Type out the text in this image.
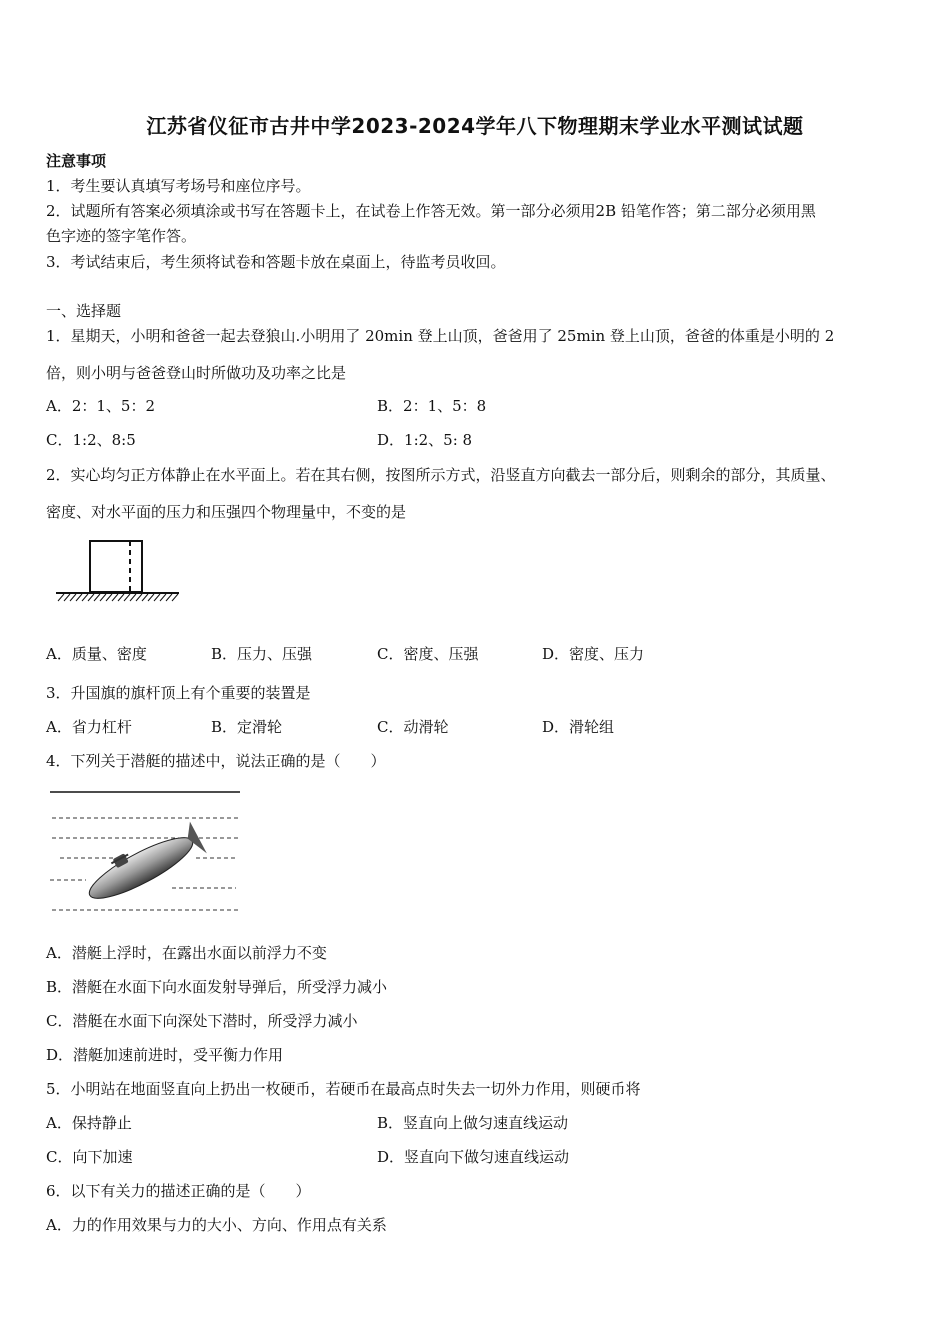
江苏省仪征市古井中学2023-2024学年八下物理期末学业水平测试试题
注意事项
1．考生要认真填写考场号和座位序号。
2．试题所有答案必须填涂或书写在答题卡上，在试卷上作答无效。第一部分必须用2B 铅笔作答；第二部分必须用黑
色字迹的签字笔作答。
3．考试结束后，考生须将试卷和答题卡放在桌面上，待监考员收回。
一、选择题
1．星期天，小明和爸爸一起去登狼山.小明用了 20min 登上山顶，爸爸用了 25min 登上山顶，爸爸的体重是小明的 2
倍，则小明与爸爸登山时所做功及功率之比是
A．2：1、5：2	B．2：1、5：8
C．1:2、8:5	D．1:2、5: 8
2．实心均匀正方体静止在水平面上。若在其右侧，按图所示方式，沿竖直方向截去一部分后，则剩余的部分，其质量、
密度、对水平面的压力和压强四个物理量中，不变的是
A．质量、密度	B．压力、压强	C．密度、压强	D．密度、压力
3．升国旗的旗杆顶上有个重要的装置是
A．省力杠杆	B．定滑轮	C．动滑轮	D．滑轮组
4．下列关于潜艇的描述中，说法正确的是（　　）
A．潜艇上浮时，在露出水面以前浮力不变
B．潜艇在水面下向水面发射导弹后，所受浮力减小
C．潜艇在水面下向深处下潜时，所受浮力减小
D．潜艇加速前进时，受平衡力作用
5．小明站在地面竖直向上扔出一枚硬币，若硬币在最高点时失去一切外力作用，则硬币将
A．保持静止	B．竖直向上做匀速直线运动
C．向下加速	D．竖直向下做匀速直线运动
6．以下有关力的描述正确的是（　　）
A．力的作用效果与力的大小、方向、作用点有关系
